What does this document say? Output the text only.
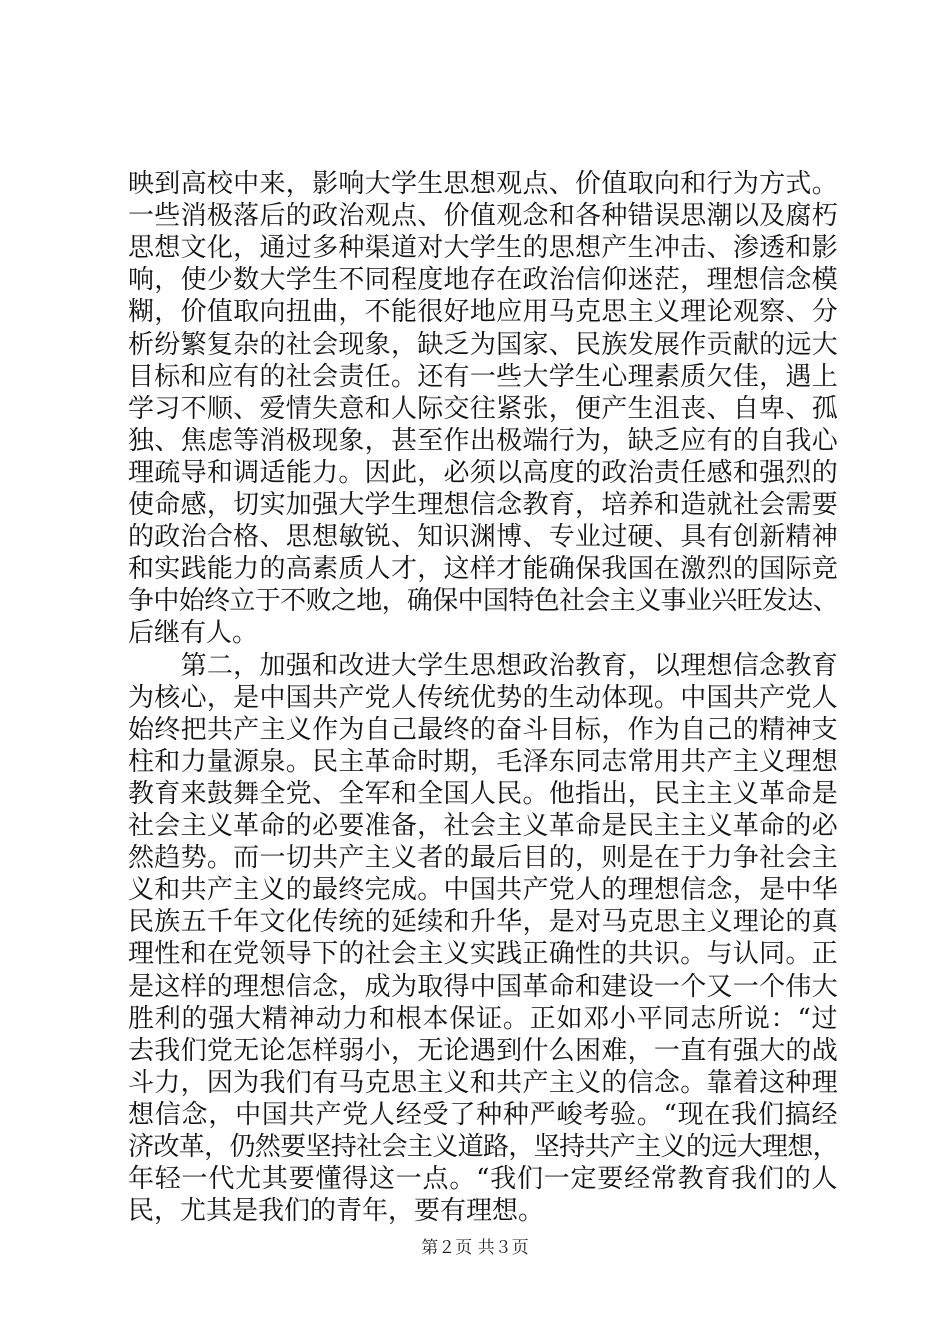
映到高校中来，影响大学生思想观点、价值取向和行为方式。
一些消极落后的政治观点、价值观念和各种错误思潮以及腐朽
思想文化，通过多种渠道对大学生的思想产生冲击、渗透和影
响，使少数大学生不同程度地存在政治信仰迷茫，理想信念模
糊，价值取向扭曲，不能很好地应用马克思主义理论观察、分
析纷繁复杂的社会现象，缺乏为国家、民族发展作贡献的远大
目标和应有的社会责任。还有一些大学生心理素质欠佳，遇上
学习不顺、爱情失意和人际交往紧张，便产生沮丧、自卑、孤
独、焦虑等消极现象，甚至作出极端行为，缺乏应有的自我心
理疏导和调适能力。因此，必须以高度的政治责任感和强烈的
使命感，切实加强大学生理想信念教育，培养和造就社会需要
的政治合格、思想敏锐、知识渊博、专业过硬、具有创新精神
和实践能力的高素质人才，这样才能确保我国在激烈的国际竞
争中始终立于不败之地，确保中国特色社会主义事业兴旺发达、
后继有人。
　　第二，加强和改进大学生思想政治教育，以理想信念教育
为核心，是中国共产党人传统优势的生动体现。中国共产党人
始终把共产主义作为自己最终的奋斗目标，作为自己的精神支
柱和力量源泉。民主革命时期，毛泽东同志常用共产主义理想
教育来鼓舞全党、全军和全国人民。他指出，民主主义革命是
社会主义革命的必要准备，社会主义革命是民主主义革命的必
然趋势。而一切共产主义者的最后目的，则是在于力争社会主
义和共产主义的最终完成。中国共产党人的理想信念，是中华
民族五千年文化传统的延续和升华，是对马克思主义理论的真
理性和在党领导下的社会主义实践正确性的共识。与认同。正
是这样的理想信念，成为取得中国革命和建设一个又一个伟大
胜利的强大精神动力和根本保证。正如邓小平同志所说：“过
去我们党无论怎样弱小，无论遇到什么困难，一直有强大的战
斗力，因为我们有马克思主义和共产主义的信念。靠着这种理
想信念，中国共产党人经受了种种严峻考验。“现在我们搞经
济改革，仍然要坚持社会主义道路，坚持共产主义的远大理想，
年轻一代尤其要懂得这一点。“我们一定要经常教育我们的人
民，尤其是我们的青年，要有理想。
第２页 共３页
